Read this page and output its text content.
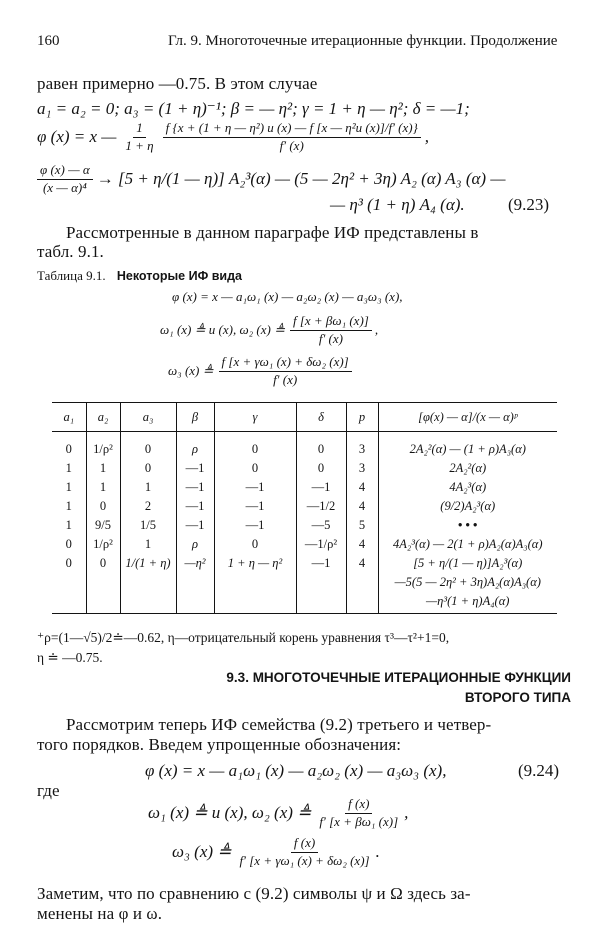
160	Гл. 9. Многоточечные итерационные функции. Продолжение
равен примерно —0.75. В этом случае
a₁ = a₂ = 0; a₃ = (1 + η)⁻¹; β = — η²; γ = 1 + η — η²; δ = —1;
φ (x) = x — $\frac{1}{1 + \eta} \frac{\text{f \{x + (1 + η — η²) u (x) — f [x — η²u (x)]/f′ (x)\}}}{f' (x)}$ ,
$\frac{\varphi (x) — \alpha}{\text{(x — α)⁴}} \to [5 + \eta/(1$ — η)] A₂³(α) — (5 — 2η² + 3η) A₂ (α) A₃ (α) —
— η³ (1 + η) A₄ (α).	(9.23)
Рассмотренные в данном параграфе ИФ представлены в
табл. 9.1.
Таблица 9.1. Некоторые ИФ вида
φ (x) = x — a₁ω₁ (x) — a₂ω₂ (x) — a₃ω₃ (x),
ω₁ (x) ≜ u (x), ω₂ (x) ≜ $\frac{\text{f [x + βω₁ (x)]}}{f' (x)}$ ,
ω₃ (x) ≜ $\frac{\text{f [x + γω₁ (x) + δω₂ (x)]}}{f' (x)}$
a₁	a₂	a₃	β	γ	δ	p	[φ(x) — α]/(x — α)ᵖ
0	1/ρ²	0	ρ	0	0	3	2A₂²(α) — (1 + ρ)A₃(α)
1	1	0	—1	0	0	3	2A₂²(α)
1	1	1	—1	—1	—1	4	4A₂³(α)
1	0	2	—1	—1	—1/2	4	(9/2)A₂³(α)
1	9/5	1/5	—1	—1	—5	5	• • •
0	1/ρ²	1	ρ	0	—1/ρ²	4	4A₂³(α) — 2(1 + ρ)A₂(α)A₃(α)
0	0	1/(1 + η)	—η²	1 + η — η²	—1	4	[5 + η/(1 — η)]A₂³(α)
							—5(5 — 2η² + 3η)A₂(α)A₃(α)
							—η³(1 + η)A₄(α)
⁺ρ=(1—√5)/2≐—0.62, η—отрицательный корень уравнения τ³—τ²+1=0,
η ≐ —0.75.
9.3. МНОГОТОЧЕЧНЫЕ ИТЕРАЦИОННЫЕ ФУНКЦИИ
ВТОРОГО ТИПА
Рассмотрим теперь ИФ семейства (9.2) третьего и четвер-
того порядков. Введем упрощенные обозначения:
φ (x) = x — a₁ω₁ (x) — a₂ω₂ (x) — a₃ω₃ (x),	(9.24)
где
ω₁ (x) ≜ u (x), ω₂ (x) ≜ $\frac{f (x)}{\text{f′ [x + βω₁ (x)]}}$ ,
ω₃ (x) ≜ $\frac{f (x)}{\text{f′ [x + γω₁ (x) + δω₂ (x)]}}$ .
Заметим, что по сравнению с (9.2) символы ψ и Ω здесь за-
менены на φ и ω.
